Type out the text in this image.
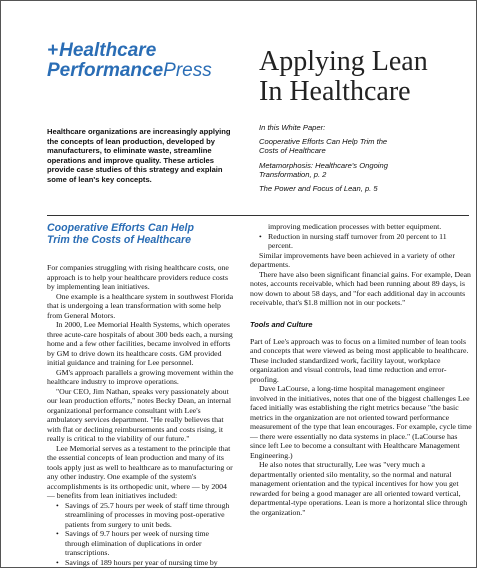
+ Healthcare
PerformancePress	Applying Lean
In Healthcare
In this White Paper:
Cooperative Efforts Can Help Trim the Costs of Healthcare
Metamorphosis: Healthcare's Ongoing Transformation, p. 2
The Power and Focus of Lean, p. 5
Healthcare organizations are increasingly applying the concepts of lean production, developed by manufacturers, to eliminate waste, streamline operations and improve quality. These articles provide case studies of this strategy and explain some of lean's key concepts.
Cooperative Efforts Can Help
Trim the Costs of Healthcare

For companies struggling with rising healthcare costs, one approach is to help your healthcare providers reduce costs by implementing lean initiatives.

One example is a healthcare system in southwest Florida that is undergoing a lean transformation with some help from General Motors.

In 2000, Lee Memorial Health Systems, which operates three acute-care hospitals of about 300 beds each, a nursing home and a few other facilities, became involved in efforts by GM to drive down its healthcare costs. GM provided initial guidance and training for Lee personnel.

GM's approach parallels a growing movement within the healthcare industry to improve operations.

"Our CEO, Jim Nathan, speaks very passionately about our lean production efforts," notes Becky Dean, an internal organizational performance consultant with Lee's ambulatory services department. "He really believes that with flat or declining reimbursements and costs rising, it really is critical to the viability of our future."

Lee Memorial serves as a testament to the principle that the essential concepts of lean production and many of its tools apply just as well to healthcare as to manufacturing or any other industry. One example of the system's accomplishments is its orthopedic unit, where — by 2004 — benefits from lean initiatives included:

• Savings of 25.7 hours per week of staff time through streamlining of processes in moving post-operative patients from surgery to unit beds.
• Savings of 9.7 hours per week of nursing time through elimination of duplications in order transcriptions.
• Savings of 189 hours per year of nursing time by
improving medication processes with better equipment.
• Reduction in nursing staff turnover from 20 percent to 11 percent.

Similar improvements have been achieved in a variety of other departments.

There have also been significant financial gains. For example, Dean notes, accounts receivable, which had been running about 89 days, is now down to about 58 days, and "for each additional day in accounts receivable, that's $1.8 million not in our pockets."

Tools and Culture

Part of Lee's approach was to focus on a limited number of lean tools and concepts that were viewed as being most applicable to healthcare. These included standardized work, facility layout, workplace organization and visual controls, lead time reduction and error-proofing.

Dave LaCourse, a long-time hospital management engineer involved in the initiatives, notes that one of the biggest challenges Lee faced initially was establishing the right metrics because "the basic metrics in the organization are not oriented toward performance measurement of the type that lean encourages. For example, cycle time — there were essentially no data systems in place." (LaCourse has since left Lee to become a consultant with Healthcare Management Engineering.)

He also notes that structurally, Lee was "very much a departmentally oriented silo mentality, so the normal and natural management orientation and the typical incentives for how you get rewarded for being a good manager are all oriented toward vertical, departmental-type operations. Lean is more a horizontal slice through the organization."
